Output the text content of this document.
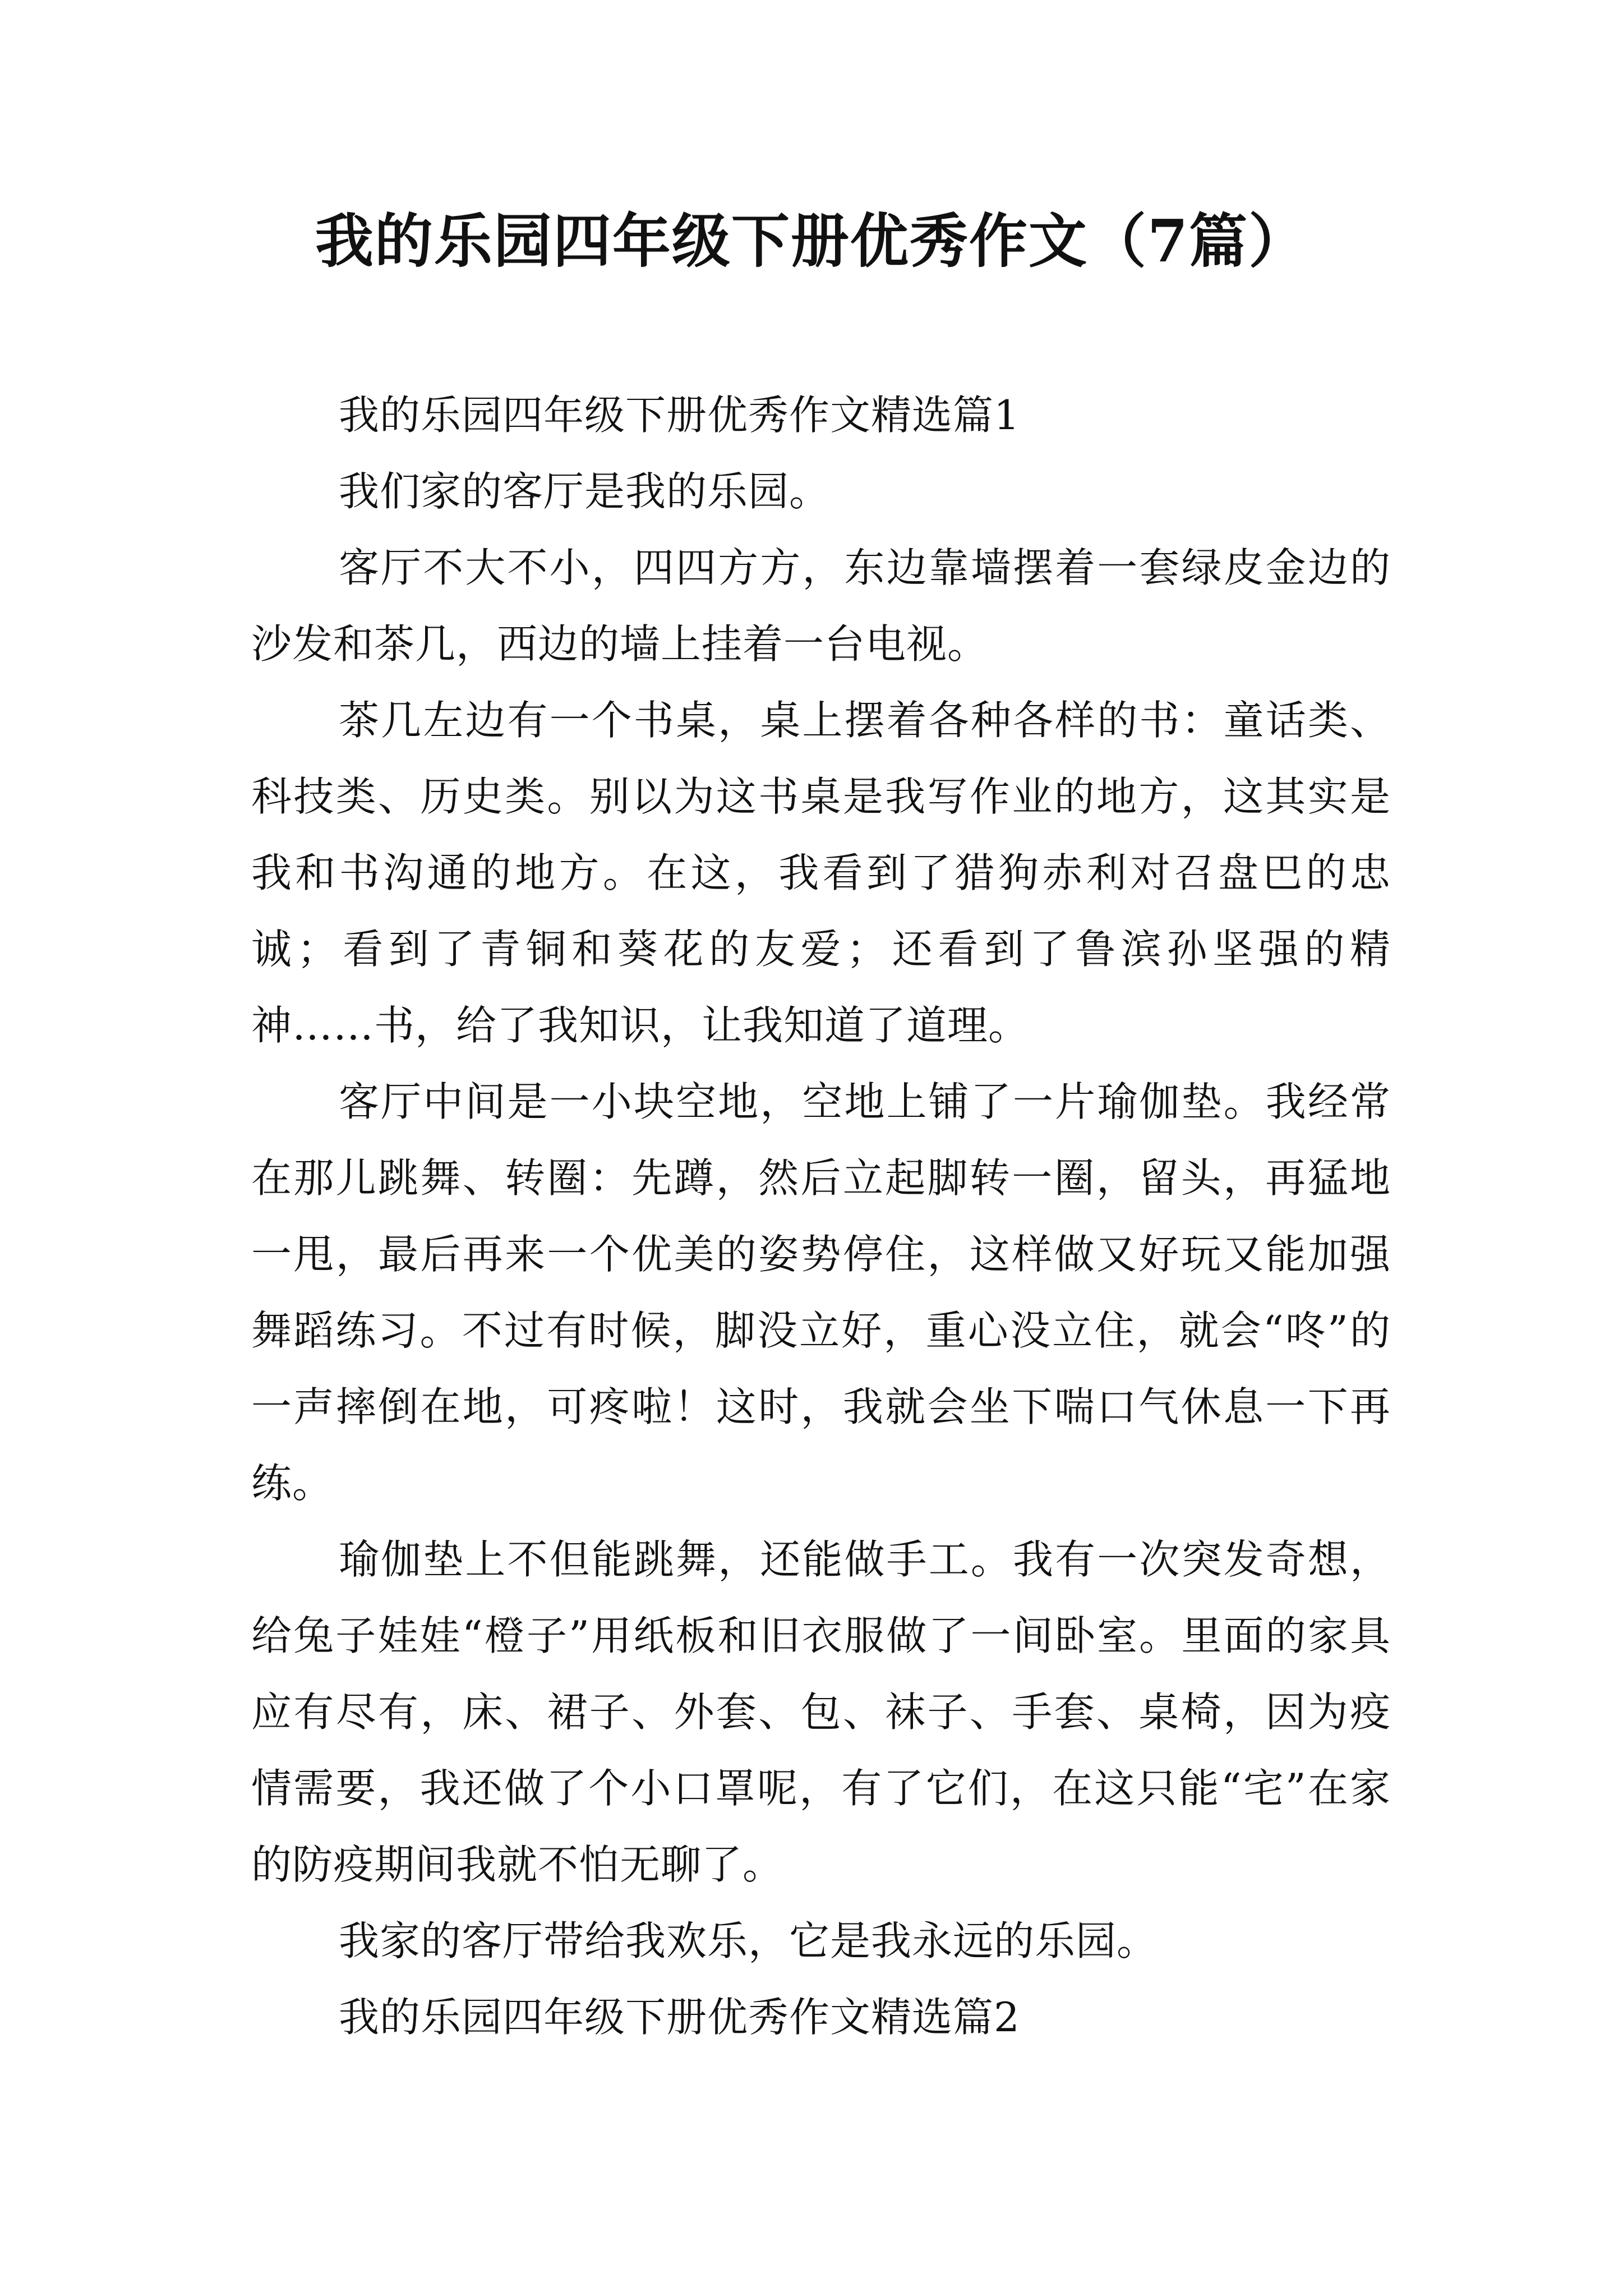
我的乐园四年级下册优秀作文（7篇）

我的乐园四年级下册优秀作文精选篇1

我们家的客厅是我的乐园。

客厅不大不小，四四方方，东边靠墙摆着一套绿皮金边的沙发和茶几，西边的墙上挂着一台电视。

茶几左边有一个书桌，桌上摆着各种各样的书：童话类、科技类、历史类。别以为这书桌是我写作业的地方，这其实是我和书沟通的地方。在这，我看到了猎狗赤利对召盘巴的忠诚；看到了青铜和葵花的友爱；还看到了鲁滨孙坚强的精神……书，给了我知识，让我知道了道理。

客厅中间是一小块空地，空地上铺了一片瑜伽垫。我经常在那儿跳舞、转圈：先蹲，然后立起脚转一圈，留头，再猛地一甩，最后再来一个优美的姿势停住，这样做又好玩又能加强舞蹈练习。不过有时候，脚没立好，重心没立住，就会“咚”的一声摔倒在地，可疼啦！这时，我就会坐下喘口气休息一下再练。

瑜伽垫上不但能跳舞，还能做手工。我有一次突发奇想，给兔子娃娃“橙子”用纸板和旧衣服做了一间卧室。里面的家具应有尽有，床、裙子、外套、包、袜子、手套、桌椅，因为疫情需要，我还做了个小口罩呢，有了它们，在这只能“宅”在家的防疫期间我就不怕无聊了。

我家的客厅带给我欢乐，它是我永远的乐园。

我的乐园四年级下册优秀作文精选篇2
